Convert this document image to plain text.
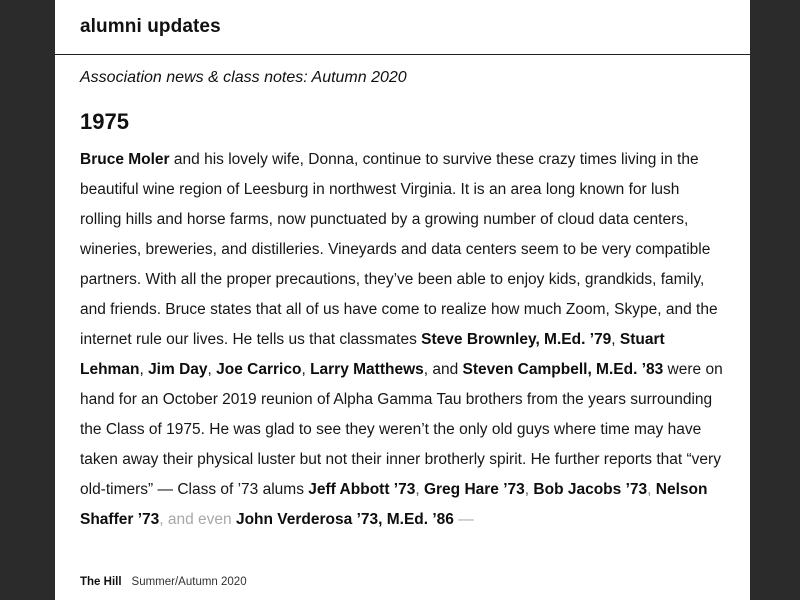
alumni updates

Association news & class notes: Autumn 2020

1975

Bruce Moler and his lovely wife, Donna, continue to survive these crazy times living in the beautiful wine region of Leesburg in northwest Virginia. It is an area long known for lush rolling hills and horse farms, now punctuated by a growing number of cloud data centers, wineries, breweries, and distilleries. Vineyards and data centers seem to be very compatible partners. With all the proper precautions, they’ve been able to enjoy kids, grandkids, family, and friends. Bruce states that all of us have come to realize how much Zoom, Skype, and the internet rule our lives. He tells us that classmates Steve Brownley, M.Ed. ’79, Stuart Lehman, Jim Day, Joe Carrico, Larry Matthews, and Steven Campbell, M.Ed. ’83 were on hand for an October 2019 reunion of Alpha Gamma Tau brothers from the years surrounding the Class of 1975. He was glad to see they weren’t the only old guys where time may have taken away their physical luster but not their inner brotherly spirit. He further reports that “very old-timers” — Class of ’73 alums Jeff Abbott ’73, Greg Hare ’73, Bob Jacobs ’73, Nelson Shaffer ’73, and even John Verderosa ’73, M.Ed. ’86 —

The Hill Summer/Autumn 2020
